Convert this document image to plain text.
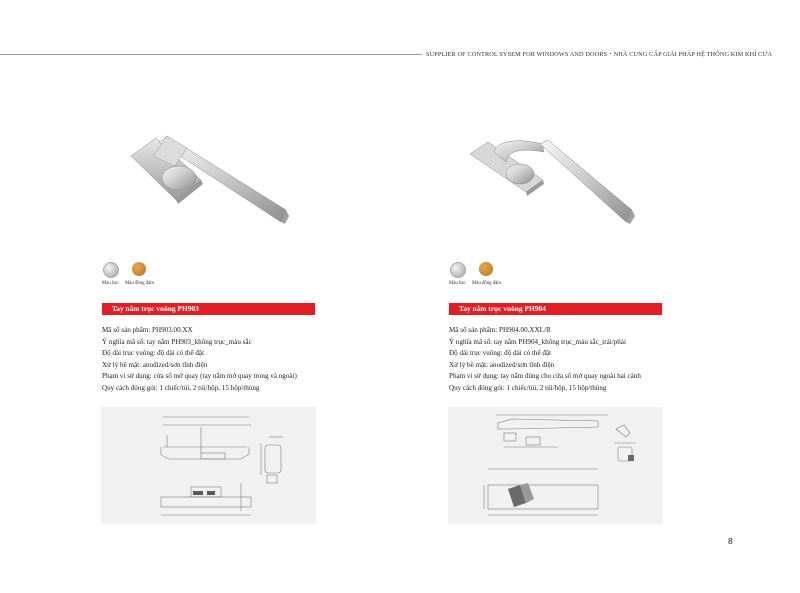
SUPPLIER OF CONTROL SYSEM FOR WINDOWS AND DOORS・NHÀ CUNG CẤP GIẢI PHÁP HỆ THỐNG KIM KHÍ CỬA
Màu bạc Màu đồng đậm
Tay nắm trục vuông PH903
Mã số sản phẩm: PH903.00.XX
Ý nghĩa mã số: tay nắm PH903_không trục_màu sắc
Độ dài trục vuông: độ dài có thể đặt
Xử lý bề mặt: anodized/sơn tĩnh điện
Phạm vi sử dụng: cửa sổ mở quay (tay nắm mở quay trong và ngoài)
Quy cách đóng gói: 1 chiếc/túi, 2 túi/hộp, 15 hộp/thùng
Màu bạc Màu đồng đậm
Tay nắm trục vuông PH904
Mã số sản phẩm: PH904.00.XXL/R
Ý nghĩa mã số: tay nắm PH904_không trục_màu sắc_trái/phải
Độ dài trục vuông: độ dài có thể đặt
Xử lý bề mặt: anodized/sơn tĩnh điện
Phạm vi sử dụng: tay nắm dùng cho cửa sổ mở quay ngoài hai cánh
Quy cách đóng gói: 1 chiếc/túi, 2 túi/hộp, 15 hộp/thùng
8
